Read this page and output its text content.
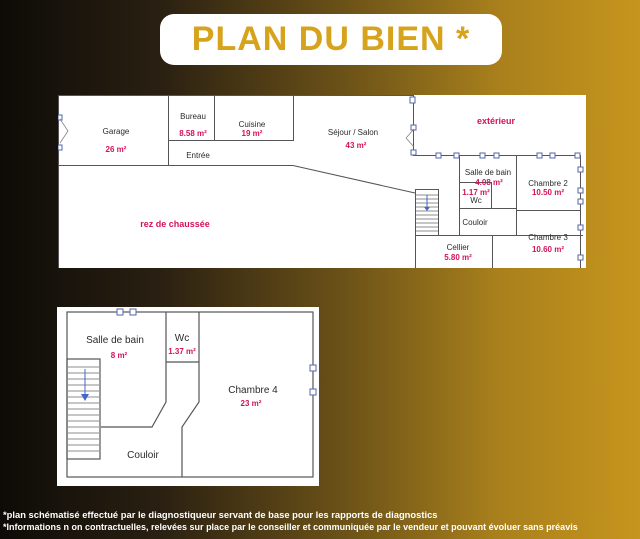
PLAN DU BIEN *
Garage
26 m²
Bureau
8.58 m²
Cuisine
19 m²	Séjour / Salon
43 m²
Entrée
Salle de bain
4.08 m²
1.17 m²
Wc
Chambre 2
10.50 m²
Chambre 3
10.60 m²
Couloir
Cellier
5.80 m²
extérieur
rez de chaussée
Salle de bain
8 m²
Wc
1.37 m²
Chambre 4
23 m²
Couloir
*plan schématisé effectué par le diagnostiqueur servant de base pour les rapports de diagnostics
*Informations n on contractuelles, relevées sur place par le conseiller et communiquée par le vendeur et pouvant évoluer sans préavis
